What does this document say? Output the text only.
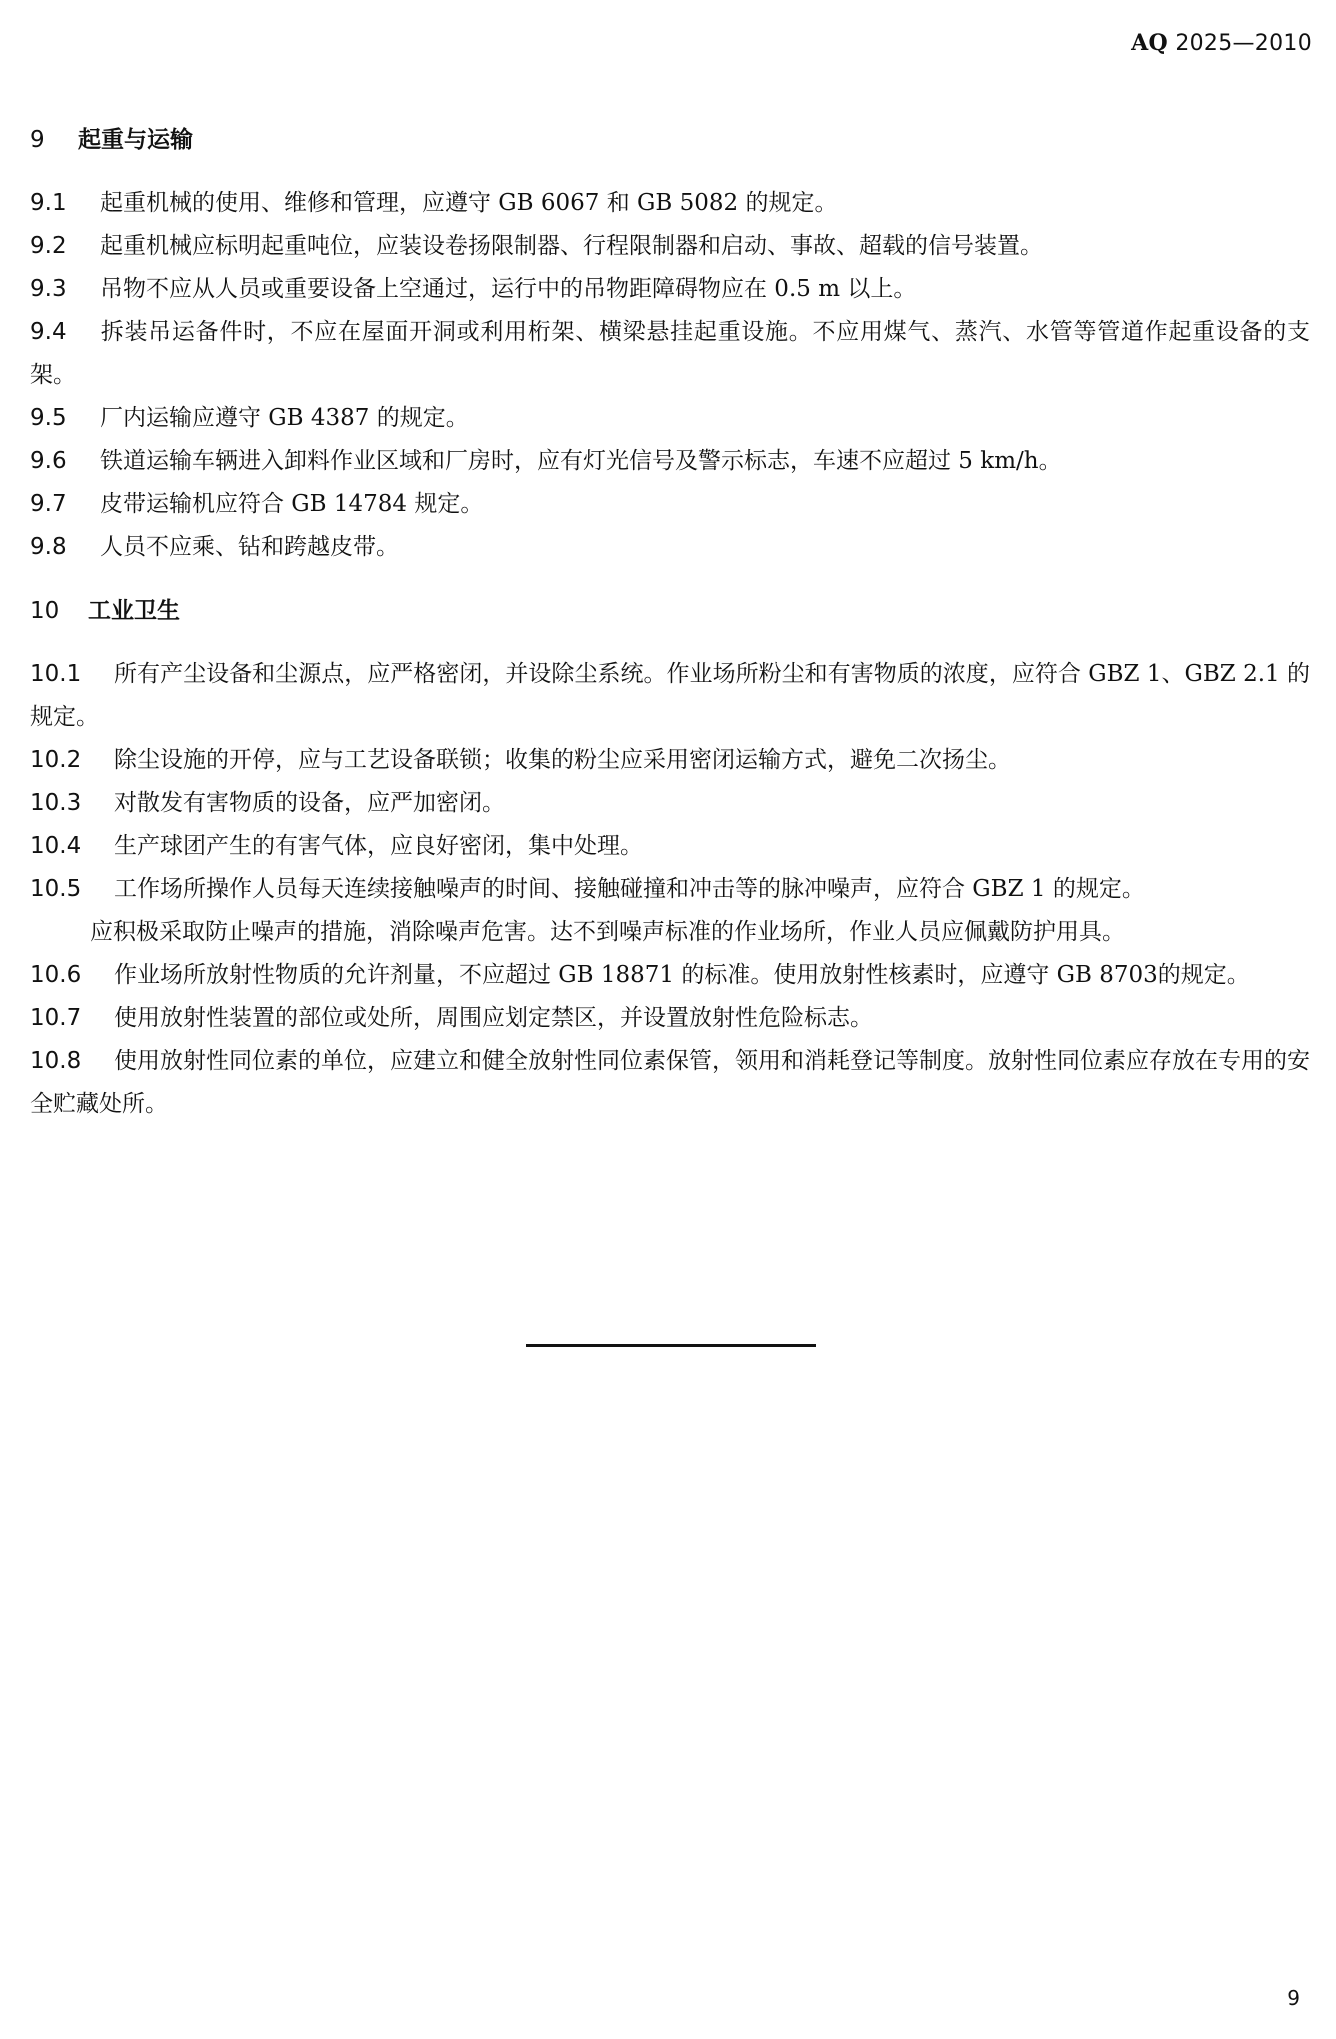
AQ 2025—2010
9 起重与运输
9.1 起重机械的使用、维修和管理，应遵守 GB 6067 和 GB 5082 的规定。
9.2 起重机械应标明起重吨位，应装设卷扬限制器、行程限制器和启动、事故、超载的信号装置。
9.3 吊物不应从人员或重要设备上空通过，运行中的吊物距障碍物应在 0.5 m 以上。
9.4 拆装吊运备件时，不应在屋面开洞或利用桁架、横梁悬挂起重设施。不应用煤气、蒸汽、水管等管道作起重设备的支架。
9.5 厂内运输应遵守 GB 4387 的规定。
9.6 铁道运输车辆进入卸料作业区域和厂房时，应有灯光信号及警示标志，车速不应超过 5 km/h。
9.7 皮带运输机应符合 GB 14784 规定。
9.8 人员不应乘、钻和跨越皮带。
10 工业卫生
10.1 所有产尘设备和尘源点，应严格密闭，并设除尘系统。作业场所粉尘和有害物质的浓度，应符合 GBZ 1、GBZ 2.1 的规定。
10.2 除尘设施的开停，应与工艺设备联锁；收集的粉尘应采用密闭运输方式，避免二次扬尘。
10.3 对散发有害物质的设备，应严加密闭。
10.4 生产球团产生的有害气体，应良好密闭，集中处理。
10.5 工作场所操作人员每天连续接触噪声的时间、接触碰撞和冲击等的脉冲噪声，应符合 GBZ 1 的规定。
应积极采取防止噪声的措施，消除噪声危害。达不到噪声标准的作业场所，作业人员应佩戴防护用具。
10.6 作业场所放射性物质的允许剂量，不应超过 GB 18871 的标准。使用放射性核素时，应遵守 GB 8703的规定。
10.7 使用放射性装置的部位或处所，周围应划定禁区，并设置放射性危险标志。
10.8 使用放射性同位素的单位，应建立和健全放射性同位素保管，领用和消耗登记等制度。放射性同位素应存放在专用的安全贮藏处所。
9
